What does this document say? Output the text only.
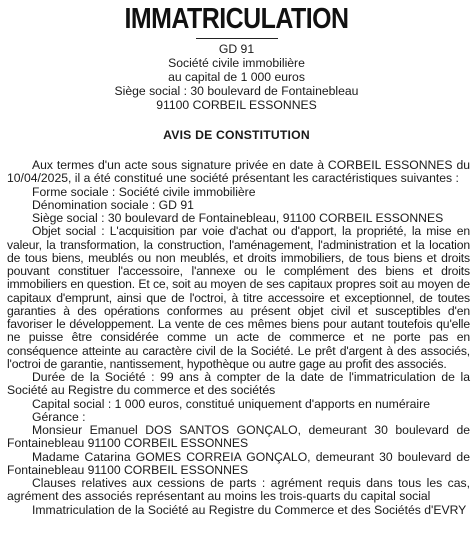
IMMATRICULATION
GD 91
Société civile immobilière
au capital de 1 000 euros
Siège social : 30 boulevard de Fontainebleau
91100 CORBEIL ESSONNES
AVIS DE CONSTITUTION

Aux termes d'un acte sous signature privée en date à CORBEIL ESSONNES du 10/04/2025, il a été constitué une société présentant les caractéristiques suivantes :

Forme sociale : Société civile immobilière

Dénomination sociale : GD 91

Siège social : 30 boulevard de Fontainebleau, 91100 CORBEIL ESSONNES

Objet social : L'acquisition par voie d'achat ou d'apport, la propriété, la mise en valeur, la transformation, la construction, l'aménagement, l'administration et la location de tous biens, meublés ou non meublés, et droits immobiliers, de tous biens et droits pouvant constituer l'accessoire, l'annexe ou le complément des biens et droits immobiliers en question. Et ce, soit au moyen de ses capitaux propres soit au moyen de capitaux d'emprunt, ainsi que de l'octroi, à titre accessoire et exceptionnel, de toutes garanties à des opérations conformes au présent objet civil et susceptibles d'en favoriser le développement. La vente de ces mêmes biens pour autant toutefois qu'elle ne puisse être considérée comme un acte de commerce et ne porte pas en conséquence atteinte au caractère civil de la Société. Le prêt d'argent à des associés, l'octroi de garantie, nantissement, hypothèque ou autre gage au profit des associés.

Durée de la Société : 99 ans à compter de la date de l'immatriculation de la Société au Registre du commerce et des sociétés

Capital social : 1 000 euros, constitué uniquement d'apports en numéraire

Gérance :

Monsieur Emanuel DOS SANTOS GONÇALO, demeurant 30 boulevard de Fontainebleau 91100 CORBEIL ESSONNES

Madame Catarina GOMES CORREIA GONÇALO, demeurant 30 boulevard de Fontainebleau 91100 CORBEIL ESSONNES

Clauses relatives aux cessions de parts : agrément requis dans tous les cas, agrément des associés représentant au moins les trois-quarts du capital social

Immatriculation de la Société au Registre du Commerce et des Sociétés d'EVRY
